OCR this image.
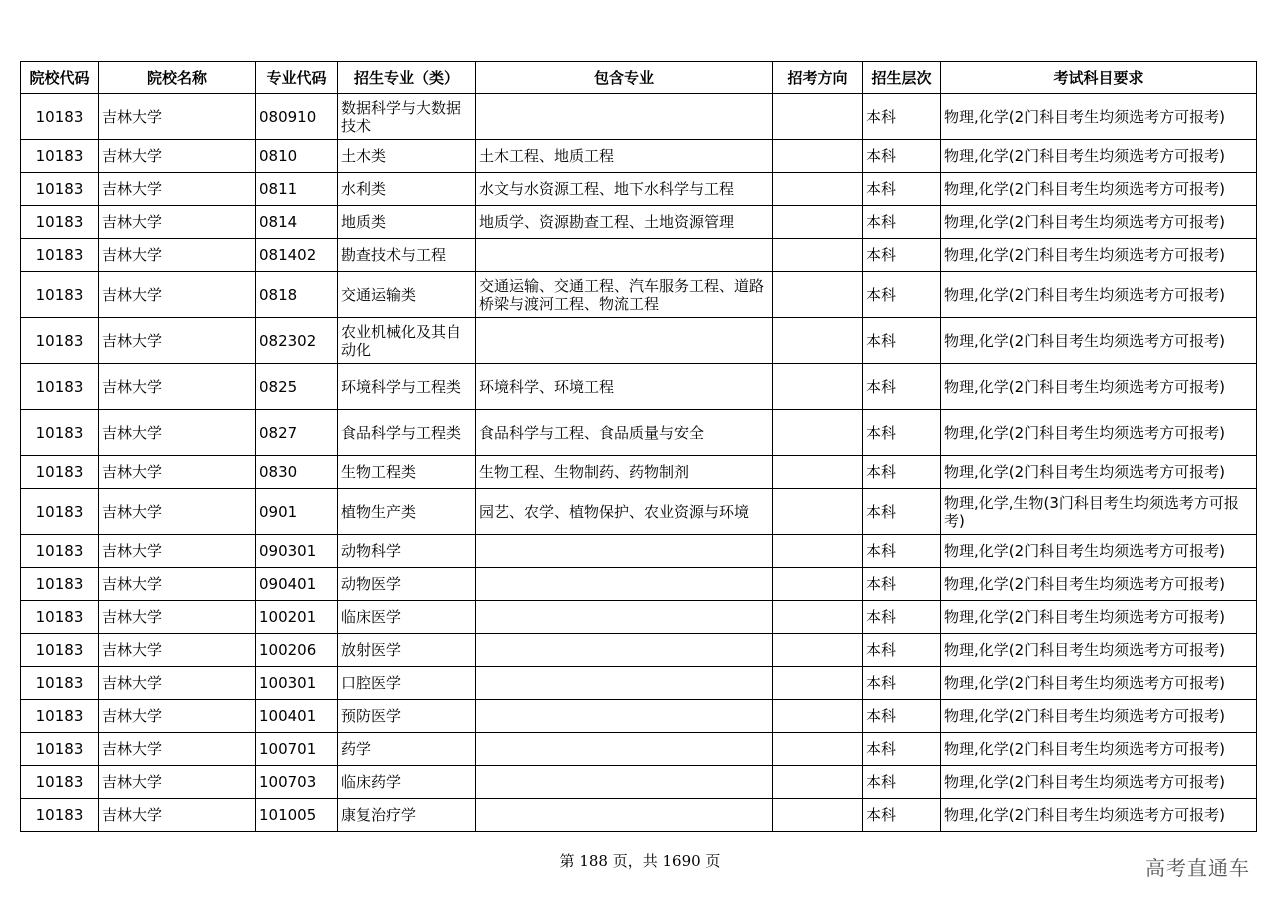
院校代码	院校名称	专业代码	招生专业（类）	包含专业	招考方向	招生层次	考试科目要求
10183	吉林大学	080910	数据科学与大数据技术			本科	物理,化学(2门科目考生均须选考方可报考)
10183	吉林大学	0810	土木类	土木工程、地质工程		本科	物理,化学(2门科目考生均须选考方可报考)
10183	吉林大学	0811	水利类	水文与水资源工程、地下水科学与工程		本科	物理,化学(2门科目考生均须选考方可报考)
10183	吉林大学	0814	地质类	地质学、资源勘查工程、土地资源管理		本科	物理,化学(2门科目考生均须选考方可报考)
10183	吉林大学	081402	勘查技术与工程			本科	物理,化学(2门科目考生均须选考方可报考)
10183	吉林大学	0818	交通运输类	交通运输、交通工程、汽车服务工程、道路桥梁与渡河工程、物流工程		本科	物理,化学(2门科目考生均须选考方可报考)
10183	吉林大学	082302	农业机械化及其自动化			本科	物理,化学(2门科目考生均须选考方可报考)
10183	吉林大学	0825	环境科学与工程类	环境科学、环境工程		本科	物理,化学(2门科目考生均须选考方可报考)
10183	吉林大学	0827	食品科学与工程类	食品科学与工程、食品质量与安全		本科	物理,化学(2门科目考生均须选考方可报考)
10183	吉林大学	0830	生物工程类	生物工程、生物制药、药物制剂		本科	物理,化学(2门科目考生均须选考方可报考)
10183	吉林大学	0901	植物生产类	园艺、农学、植物保护、农业资源与环境		本科	物理,化学,生物(3门科目考生均须选考方可报考)
10183	吉林大学	090301	动物科学			本科	物理,化学(2门科目考生均须选考方可报考)
10183	吉林大学	090401	动物医学			本科	物理,化学(2门科目考生均须选考方可报考)
10183	吉林大学	100201	临床医学			本科	物理,化学(2门科目考生均须选考方可报考)
10183	吉林大学	100206	放射医学			本科	物理,化学(2门科目考生均须选考方可报考)
10183	吉林大学	100301	口腔医学			本科	物理,化学(2门科目考生均须选考方可报考)
10183	吉林大学	100401	预防医学			本科	物理,化学(2门科目考生均须选考方可报考)
10183	吉林大学	100701	药学			本科	物理,化学(2门科目考生均须选考方可报考)
10183	吉林大学	100703	临床药学			本科	物理,化学(2门科目考生均须选考方可报考)
10183	吉林大学	101005	康复治疗学			本科	物理,化学(2门科目考生均须选考方可报考)
第 188 页，共 1690 页	高考直通车
